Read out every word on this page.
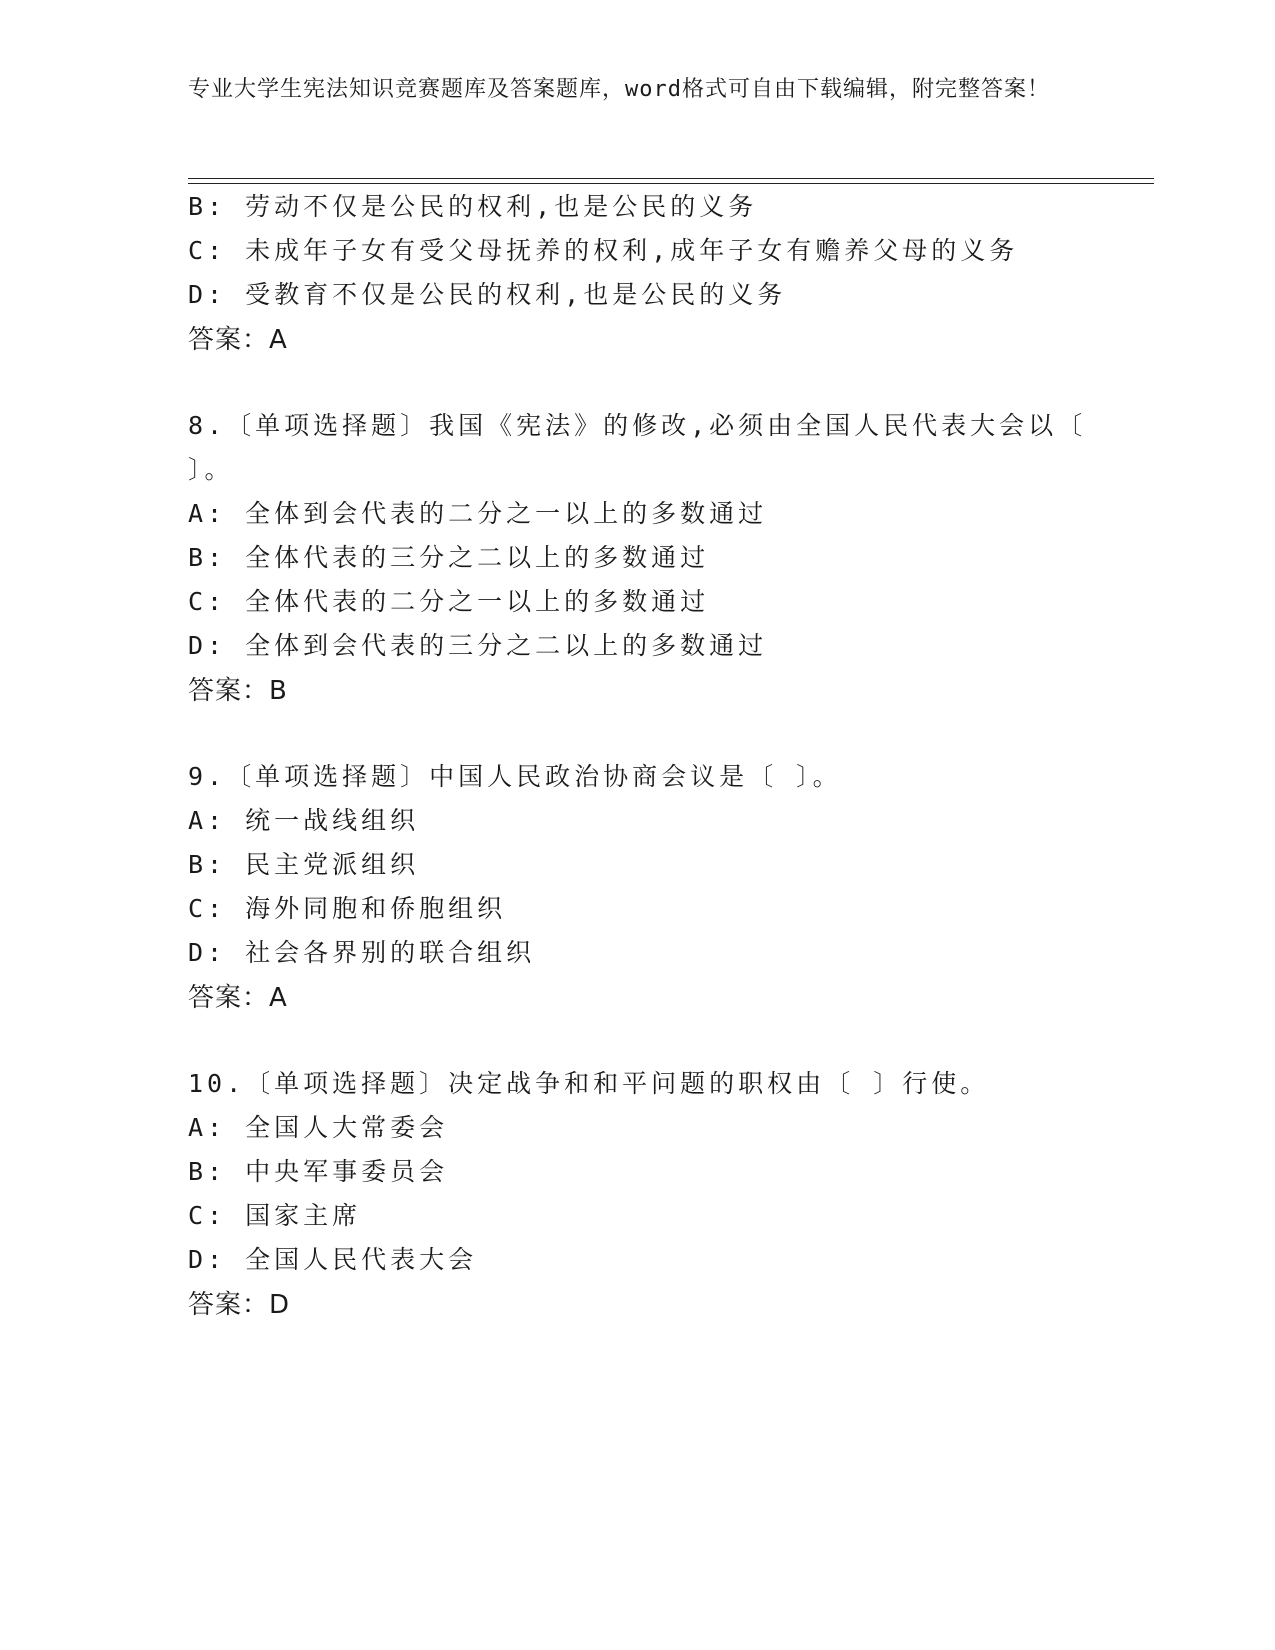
专业大学生宪法知识竞赛题库及答案题库，word格式可自由下载编辑，附完整答案！
B: 劳动不仅是公民的权利,也是公民的义务
C: 未成年子女有受父母抚养的权利,成年子女有赡养父母的义务
D: 受教育不仅是公民的权利,也是公民的义务
答案：A
8.〔单项选择题〕我国《宪法》的修改,必须由全国人民代表大会以〔
〕。
A: 全体到会代表的二分之一以上的多数通过
B: 全体代表的三分之二以上的多数通过
C: 全体代表的二分之一以上的多数通过
D: 全体到会代表的三分之二以上的多数通过
答案：B
9.〔单项选择题〕中国人民政治协商会议是〔 〕。
A: 统一战线组织
B: 民主党派组织
C: 海外同胞和侨胞组织
D: 社会各界别的联合组织
答案：A
10.〔单项选择题〕决定战争和和平问题的职权由〔 〕行使。
A: 全国人大常委会
B: 中央军事委员会
C: 国家主席
D: 全国人民代表大会
答案：D
